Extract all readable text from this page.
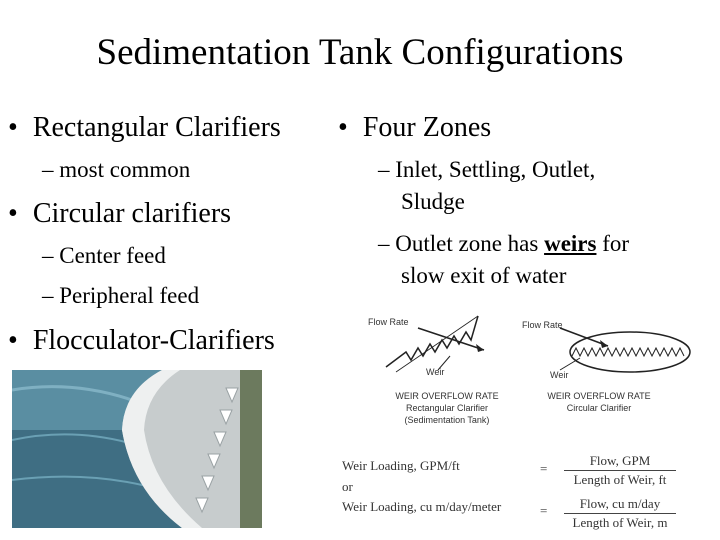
Sedimentation Tank Configurations
• Rectangular Clarifiers
– most common
• Circular clarifiers
– Center feed
– Peripheral feed
• Flocculator-Clarifiers
• Four Zones
– Inlet, Settling, Outlet,
Sludge
– Outlet zone has weirs for
slow exit of water
Flow Rate
Weir
WEIR OVERFLOW RATE
Rectangular Clarifier
(Sedimentation Tank)
Flow Rate
Weir
WEIR OVERFLOW RATE
Circular Clarifier
Weir Loading, GPM/ft	=
Flow, GPM
Length of Weir, ft
or
Weir Loading, cu m/day/meter	=	Flow, cu m/day
Length of Weir, m
